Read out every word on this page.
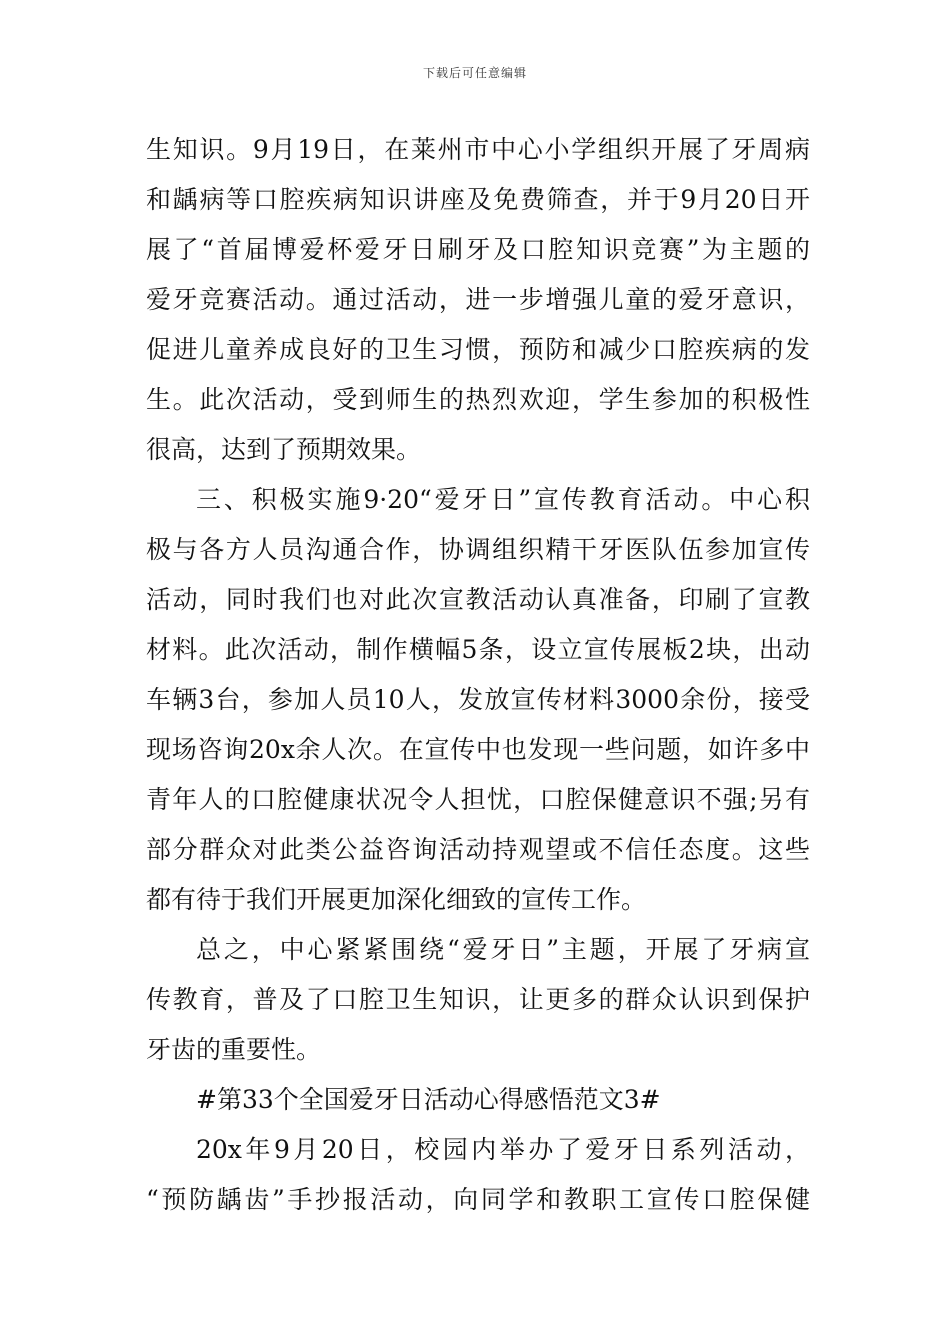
下载后可任意编辑
生知识。9月19日，在莱州市中心小学组织开展了牙周病
和龋病等口腔疾病知识讲座及免费筛查，并于9月20日开
展了“首届博爱杯爱牙日刷牙及口腔知识竞赛”为主题的
爱牙竞赛活动。通过活动，进一步增强儿童的爱牙意识，
促进儿童养成良好的卫生习惯，预防和减少口腔疾病的发
生。此次活动，受到师生的热烈欢迎，学生参加的积极性
很高，达到了预期效果。
三、积极实施9·20“爱牙日”宣传教育活动。中心积
极与各方人员沟通合作，协调组织精干牙医队伍参加宣传
活动，同时我们也对此次宣教活动认真准备，印刷了宣教
材料。此次活动，制作横幅5条，设立宣传展板2块，出动
车辆3台，参加人员10人，发放宣传材料3000余份，接受
现场咨询20x余人次。在宣传中也发现一些问题，如许多中
青年人的口腔健康状况令人担忧，口腔保健意识不强;另有
部分群众对此类公益咨询活动持观望或不信任态度。这些
都有待于我们开展更加深化细致的宣传工作。
总之，中心紧紧围绕“爱牙日”主题，开展了牙病宣
传教育，普及了口腔卫生知识，让更多的群众认识到保护
牙齿的重要性。
#第33个全国爱牙日活动心得感悟范文3#
20x年9月20日，校园内举办了爱牙日系列活动，
“预防龋齿”手抄报活动，向同学和教职工宣传口腔保健
